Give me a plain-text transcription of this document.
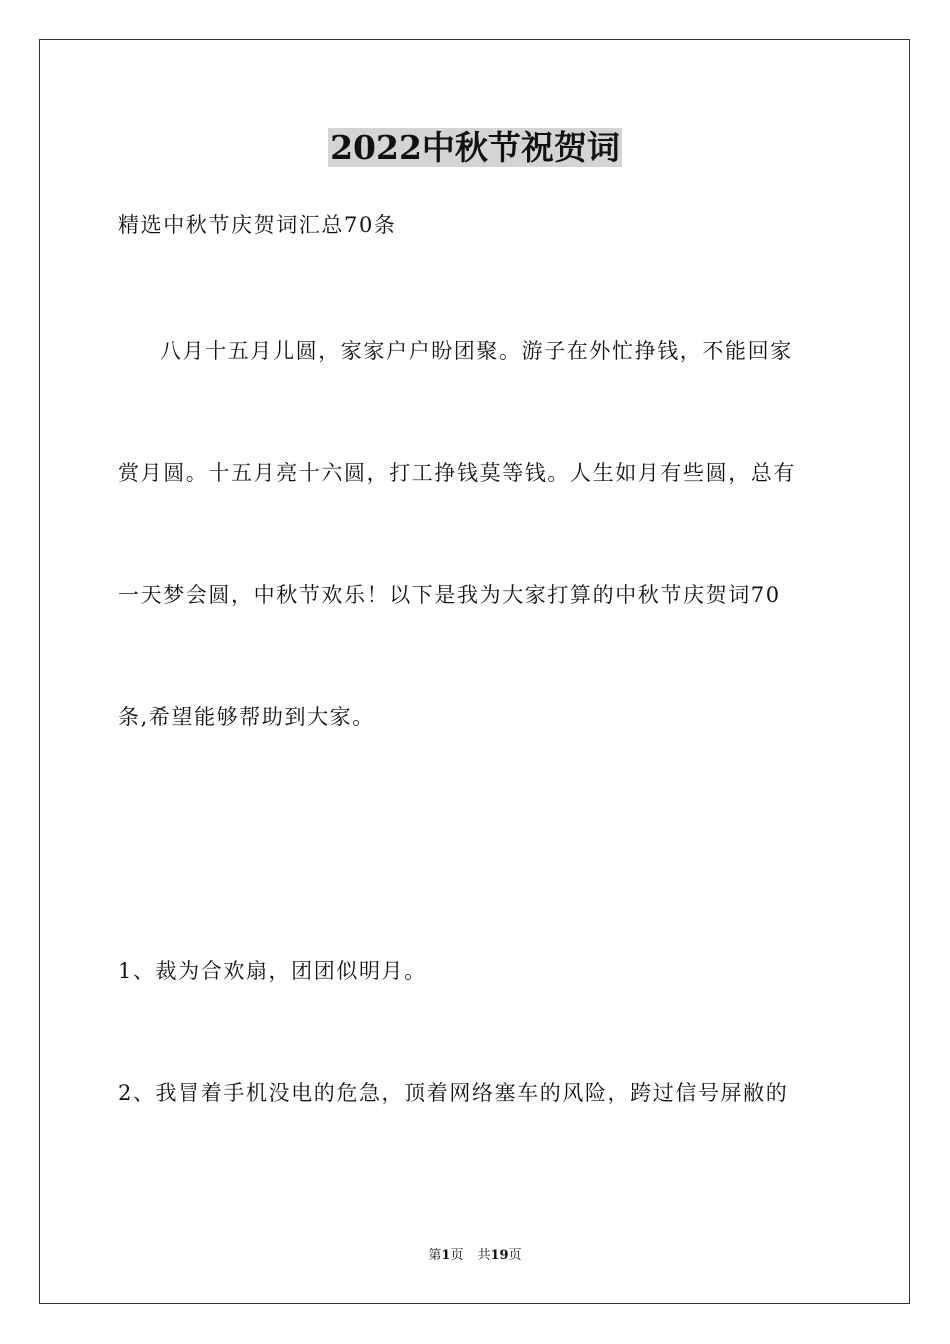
2022中秋节祝贺词
精选中秋节庆贺词汇总70条
八月十五月儿圆，家家户户盼团聚。游子在外忙挣钱，不能回家
赏月圆。十五月亮十六圆，打工挣钱莫等钱。人生如月有些圆，总有
一天梦会圆，中秋节欢乐！以下是我为大家打算的中秋节庆贺词70
条,希望能够帮助到大家。
1、裁为合欢扇，团团似明月。
2、我冒着手机没电的危急，顶着网络塞车的风险，跨过信号屏敝的
第1页 共19页
